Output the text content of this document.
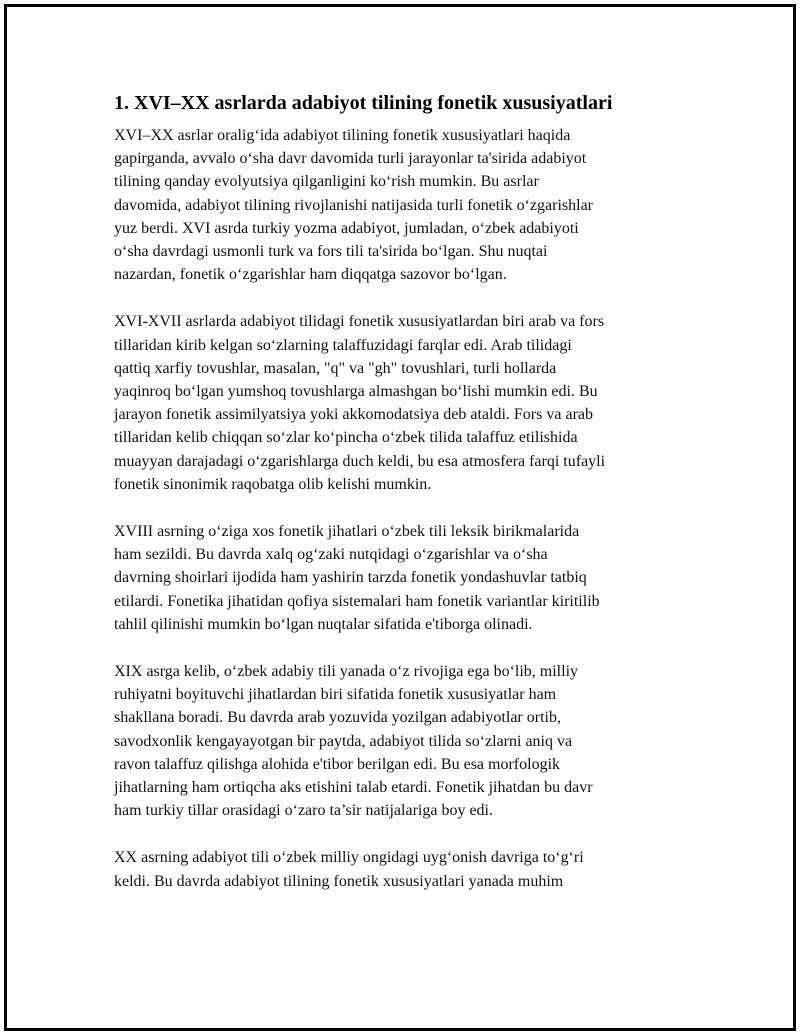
1. XVI–XX asrlarda adabiyot tilining fonetik xususiyatlari

XVI–XX asrlar oralig‘ida adabiyot tilining fonetik xususiyatlari haqida
gapirganda, avvalo o‘sha davr davomida turli jarayonlar ta'sirida adabiyot
tilining qanday evolyutsiya qilganligini ko‘rish mumkin. Bu asrlar
davomida, adabiyot tilining rivojlanishi natijasida turli fonetik o‘zgarishlar
yuz berdi. XVI asrda turkiy yozma adabiyot, jumladan, o‘zbek adabiyoti
o‘sha davrdagi usmonli turk va fors tili ta'sirida bo‘lgan. Shu nuqtai
nazardan, fonetik o‘zgarishlar ham diqqatga sazovor bo‘lgan.

XVI-XVII asrlarda adabiyot tilidagi fonetik xususiyatlardan biri arab va fors
tillaridan kirib kelgan so‘zlarning talaffuzidagi farqlar edi. Arab tilidagi
qattiq xarfiy tovushlar, masalan, "q" va "gh" tovushlari, turli hollarda
yaqinroq bo‘lgan yumshoq tovushlarga almashgan bo‘lishi mumkin edi. Bu
jarayon fonetik assimilyatsiya yoki akkomodatsiya deb ataldi. Fors va arab
tillaridan kelib chiqqan so‘zlar ko‘pincha o‘zbek tilida talaffuz etilishida
muayyan darajadagi o‘zgarishlarga duch keldi, bu esa atmosfera farqi tufayli
fonetik sinonimik raqobatga olib kelishi mumkin.

XVIII asrning o‘ziga xos fonetik jihatlari o‘zbek tili leksik birikmalarida
ham sezildi. Bu davrda xalq og‘zaki nutqidagi o‘zgarishlar va o‘sha
davrning shoirlari ijodida ham yashirin tarzda fonetik yondashuvlar tatbiq
etilardi. Fonetika jihatidan qofiya sistemalari ham fonetik variantlar kiritilib
tahlil qilinishi mumkin bo‘lgan nuqtalar sifatida e'tiborga olinadi.

XIX asrga kelib, o‘zbek adabiy tili yanada o‘z rivojiga ega bo‘lib, milliy
ruhiyatni boyituvchi jihatlardan biri sifatida fonetik xususiyatlar ham
shakllana boradi. Bu davrda arab yozuvida yozilgan adabiyotlar ortib,
savodxonlik kengayayotgan bir paytda, adabiyot tilida so‘zlarni aniq va
ravon talaffuz qilishga alohida e'tibor berilgan edi. Bu esa morfologik
jihatlarning ham ortiqcha aks etishini talab etardi. Fonetik jihatdan bu davr
ham turkiy tillar orasidagi o‘zaro ta’sir natijalariga boy edi.

XX asrning adabiyot tili o‘zbek milliy ongidagi uyg‘onish davriga to‘g‘ri
keldi. Bu davrda adabiyot tilining fonetik xususiyatlari yanada muhim
